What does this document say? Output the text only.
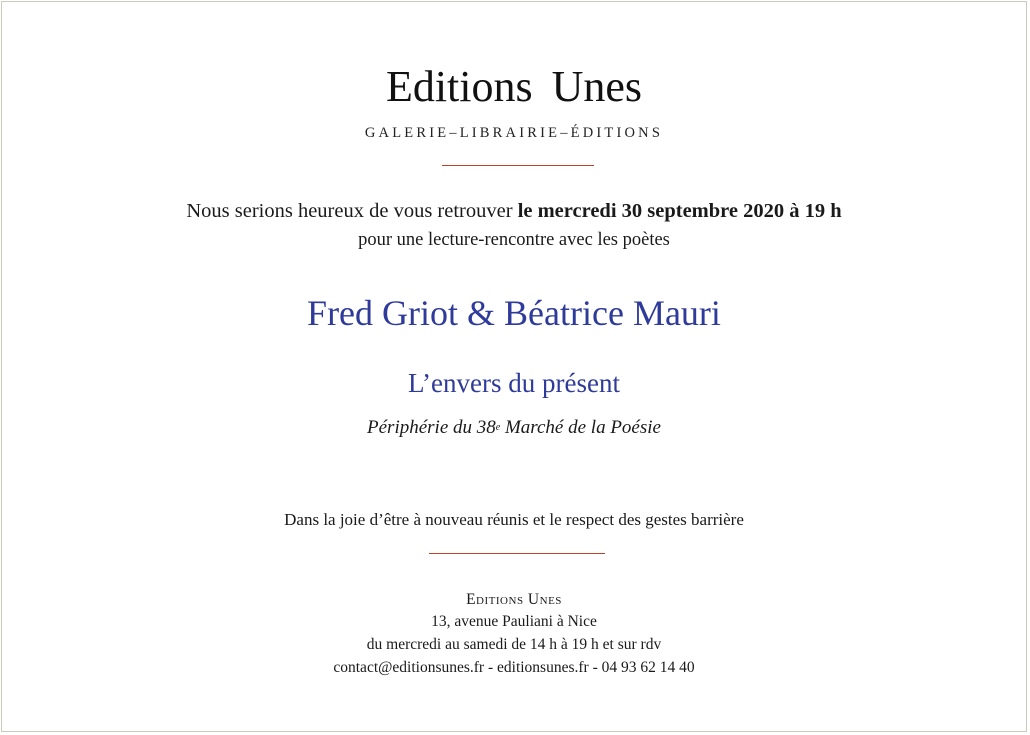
Editions Unes
GALERIE–LIBRAIRIE–ÉDITIONS
Nous serions heureux de vous retrouver le mercredi 30 septembre 2020 à 19 h
pour une lecture-rencontre avec les poètes
Fred Griot & Béatrice Mauri
L’envers du présent
Périphérie du 38e Marché de la Poésie
Dans la joie d’être à nouveau réunis et le respect des gestes barrière
Editions Unes
13, avenue Pauliani à Nice
du mercredi au samedi de 14 h à 19 h et sur rdv
contact@editionsunes.fr - editionsunes.fr - 04 93 62 14 40
